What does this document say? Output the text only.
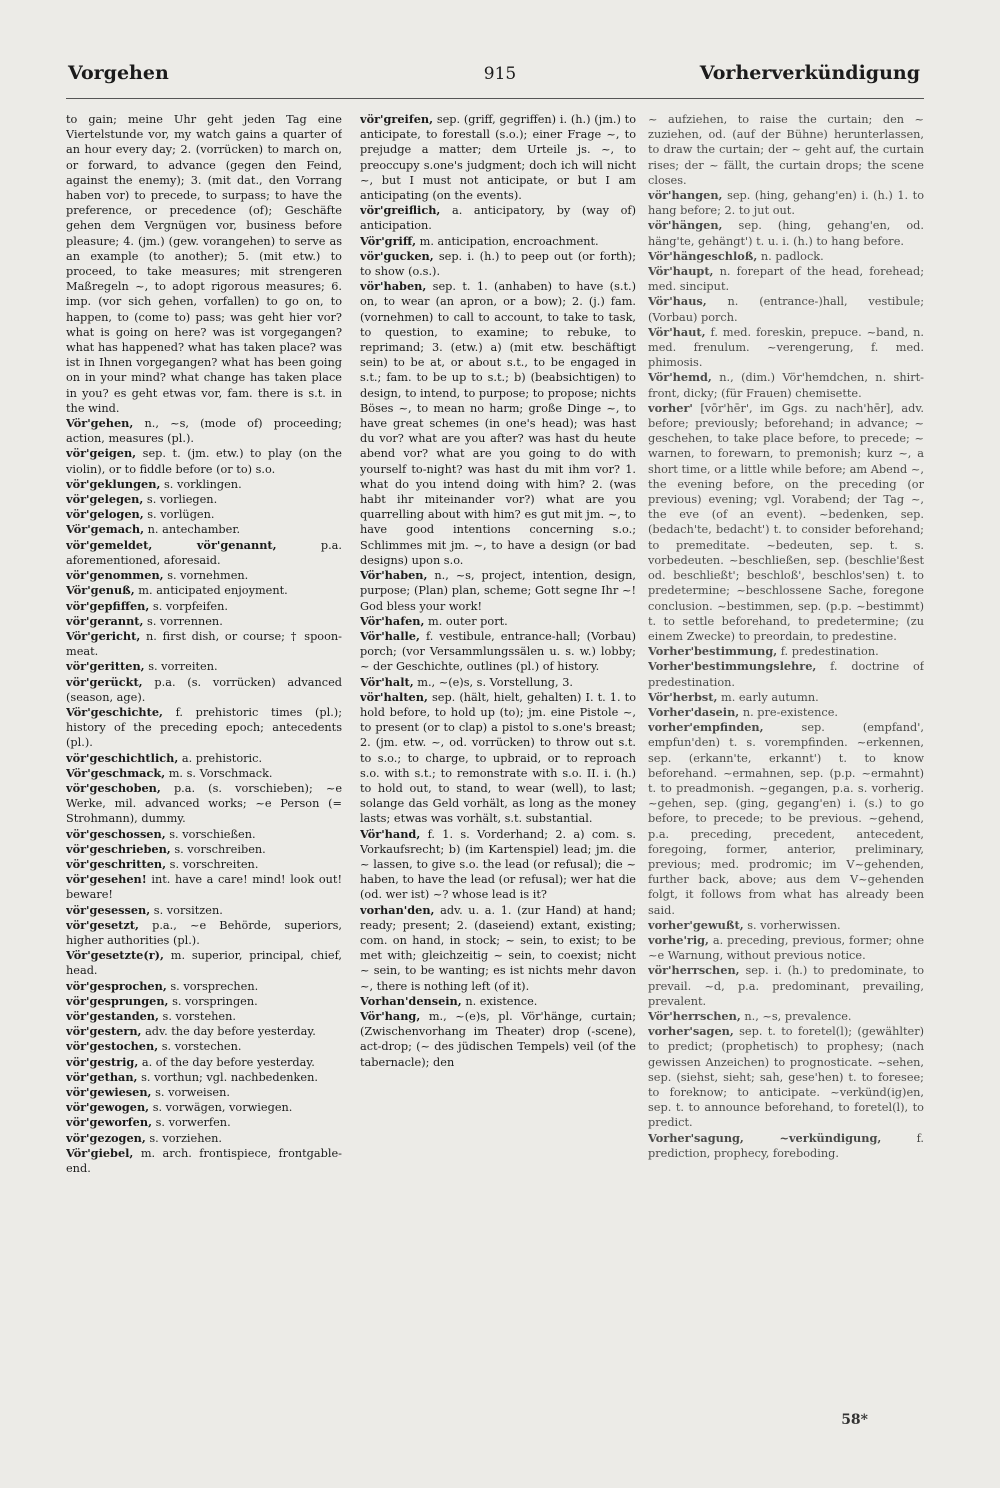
Vorgehen	915	Vorherverkündigung

to gain; meine Uhr geht jeden Tag eine Viertelstunde vor, my watch gains a quarter of an hour every day; 2. (vorrücken) to march on, or forward, to advance (gegen den Feind, against the enemy); 3. (mit dat., den Vorrang haben vor) to precede, to surpass; to have the preference, or precedence (of); Geschäfte gehen dem Vergnügen vor, business before pleasure; 4. (jm.) (gew. vorangehen) to serve as an example (to another); 5. (mit etw.) to proceed, to take measures; mit strengeren Maßregeln ~, to adopt rigorous measures; 6. imp. (vor sich gehen, vorfallen) to go on, to happen, to (come to) pass; was geht hier vor? what is going on here? was ist vorgegangen? what has happened? what has taken place? was ist in Ihnen vorgegangen? what has been going on in your mind? what change has taken place in you? es geht etwas vor, fam. there is s.t. in the wind.

Vör'gehen, n., ~s, (mode of) proceeding; action, measures (pl.).

vör'geigen, sep. t. (jm. etw.) to play (on the violin), or to fiddle before (or to) s.o.

vör'geklungen, s. vorklingen.

vör'gelegen, s. vorliegen.

vör'gelogen, s. vorlügen.

Vör'gemach, n. antechamber.

vör'gemeldet, vör'genannt,	p.a. aforementioned, aforesaid.

vör'genommen, s. vornehmen.

Vör'genuß, m. anticipated enjoyment.

vör'gepfiffen, s. vorpfeifen.

vör'gerannt, s. vorrennen.

Vör'gericht, n. first dish, or course; † spoon-meat.

vör'geritten, s. vorreiten.

vör'gerückt, p.a. (s. vorrücken) advanced (season, age).

Vör'geschichte, f. prehistoric times (pl.); history of the preceding epoch; antecedents (pl.).

vör'geschichtlich, a. prehistoric.

Vör'geschmack, m. s. Vorschmack.

vör'geschoben, p.a. (s. vorschieben); ~e Werke, mil. advanced works; ~e Person (= Strohmann), dummy.

vör'geschossen, s. vorschießen.

vör'geschrieben, s. vorschreiben.

vör'geschritten, s. vorschreiten.

vör'gesehen! int. have a care! mind! look out! beware!

vör'gesessen, s. vorsitzen.

vör'gesetzt, p.a., ~e Behörde, superiors, higher authorities (pl.).

Vör'gesetzte(r), m. superior, principal, chief, head.

vör'gesprochen, s. vorsprechen.

vör'gesprungen, s. vorspringen.

vör'gestanden, s. vorstehen.

vör'gestern, adv. the day before yesterday.

vör'gestochen, s. vorstechen.

vör'gestrig, a. of the day before yesterday.

vör'gethan, s. vorthun; vgl. nachbedenken.

vör'gewiesen, s. vorweisen.

vör'gewogen, s. vorwägen, vorwiegen.

vör'geworfen, s. vorwerfen.

vör'gezogen, s. vorziehen.

Vör'giebel, m. arch. frontispiece, frontgable-end.

vör'greifen, sep. (griff, gegriffen) i. (h.) (jm.) to anticipate, to forestall (s.o.); einer Frage ~, to prejudge a matter; dem Urteile js. ~, to preoccupy s.one's judgment; doch ich will nicht ~, but I must not anticipate, or but I am anticipating (on the events).

vör'greiflich, a. anticipatory, by (way of) anticipation.

Vör'griff, m. anticipation, encroachment.

vör'gucken, sep. i. (h.) to peep out (or forth); to show (o.s.).

vör'haben, sep. t. 1. (anhaben) to have (s.t.) on, to wear (an apron, or a bow); 2. (j.) fam. (vornehmen) to call to account, to take to task, to question, to examine; to rebuke, to reprimand; 3. (etw.) a) (mit etw. beschäftigt sein) to be at, or about s.t., to be engaged in s.t.; fam. to be up to s.t.; b) (beabsichtigen) to design, to intend, to purpose; to propose; nichts Böses ~, to mean no harm; große Dinge ~, to have great schemes (in one's head); was hast du vor? what are you after? was hast du heute abend vor? what are you going to do with yourself to-night? was hast du mit ihm vor? 1. what do you intend doing with him? 2. (was habt ihr miteinander vor?) what are you quarrelling about with him? es gut mit jm. ~, to have good intentions concerning s.o.; Schlimmes mit jm. ~, to have a design (or bad designs) upon s.o.

Vör'haben, n., ~s, project, intention, design, purpose; (Plan) plan, scheme; Gott segne Ihr ~! God bless your work!

Vör'hafen, m. outer port.

Vör'halle, f. vestibule, entrance-hall; (Vorbau) porch; (vor Versammlungssälen u. s. w.) lobby; ~ der Geschichte, outlines (pl.) of history.

Vör'halt, m., ~(e)s, s. Vorstellung, 3.

vör'halten, sep. (hält, hielt, gehalten) I. t. 1. to hold before, to hold up (to); jm. eine Pistole ~, to present (or to clap) a pistol to s.one's breast; 2. (jm. etw. ~, od. vorrücken) to throw out s.t. to s.o.; to charge, to upbraid, or to reproach s.o. with s.t.; to remonstrate with s.o. II. i. (h.) to hold out, to stand, to wear (well), to last; solange das Geld vorhält, as long as the money lasts; etwas was vorhält, s.t. substantial.

Vör'hand, f. 1. s. Vorderhand; 2. a) com. s. Vorkaufsrecht; b) (im Kartenspiel) lead; jm. die ~ lassen, to give s.o. the lead (or refusal); die ~ haben, to have the lead (or refusal); wer hat die (od. wer ist) ~? whose lead is it?

vorhan'den, adv. u. a. 1. (zur Hand) at hand; ready; present; 2. (daseiend) extant, existing; com. on hand, in stock; ~ sein, to exist; to be met with; gleichzeitig ~ sein, to coexist; nicht ~ sein, to be wanting; es ist nichts mehr davon ~, there is nothing left (of it).

Vorhan'densein, n. existence.

Vör'hang, m., ~(e)s, pl. Vör'hänge, curtain; (Zwischenvorhang im Theater) drop (-scene), act-drop; (~ des jüdischen Tempels) veil (of the tabernacle); den

~ aufziehen, to raise the curtain; den ~ zuziehen, od. (auf der Bühne) herunterlassen, to draw the curtain; der ~ geht auf, the curtain rises; der ~ fällt, the curtain drops; the scene closes.

vör'hangen, sep. (hing, gehang'en) i. (h.) 1. to hang before; 2. to jut out.

vör'hängen, sep. (hing, gehang'en, od. häng'te, gehängt') t. u. i. (h.) to hang before.

Vör'hängeschloß, n. padlock.

Vör'haupt, n. forepart of the head, forehead; med. sinciput.

Vör'haus, n. (entrance-)hall, vestibule; (Vorbau) porch.

Vör'haut, f. med. foreskin, prepuce. ~band, n. med. frenulum. ~verengerung, f. med. phimosis.

Vör'hemd, n., (dim.) Vör'hemdchen, n. shirt-front, dicky; (für Frauen) chemisette.

vorher' [vōr'hēr', im Ggs. zu nach'hēr], adv. before; previously; beforehand; in advance; ~ geschehen, to take place before, to precede; ~ warnen, to forewarn, to premonish; kurz ~, a short time, or a little while before; am Abend ~, the evening before, on the preceding (or previous) evening; vgl. Vorabend; der Tag ~, the eve (of an event). ~bedenken, sep. (bedach'te, bedacht') t. to consider beforehand; to premeditate. ~bedeuten, sep. t. s. vorbedeuten. ~beschließen, sep. (beschlie'ßest od. beschließt'; beschloß', beschlos'sen) t. to predetermine; ~beschlossene Sache, foregone conclusion. ~bestimmen, sep. (p.p. ~bestimmt) t. to settle beforehand, to predetermine; (zu einem Zwecke) to preordain, to predestine.

Vorher'bestimmung, f. predestination.

Vorher'bestimmungslehre, f. doctrine of predestination.

Vör'herbst, m. early autumn.

Vorher'dasein, n. pre-existence.

vorher'empfinden,	sep. (empfand', empfun'den) t. s. vorempfinden. ~erkennen, sep. (erkann'te, erkannt') t. to know beforehand. ~ermahnen, sep. (p.p. ~ermahnt) t. to preadmonish. ~gegangen, p.a. s. vorherig. ~gehen, sep. (ging, gegang'en) i. (s.) to go before, to precede; to be previous. ~gehend, p.a. preceding, precedent, antecedent, foregoing, former, anterior, preliminary, previous; med. prodromic; im V~gehenden, further back, above; aus dem V~gehenden folgt, it follows from what has already been said.

vorher'gewußt, s. vorherwissen.

vorhe'rig, a. preceding, previous, former; ohne ~e Warnung, without previous notice.

vör'herrschen, sep. i. (h.) to predominate, to prevail. ~d, p.a. predominant, prevailing, prevalent.

Vör'herrschen, n., ~s, prevalence.

vorher'sagen, sep. t. to foretel(l); (gewählter) to predict; (prophetisch) to prophesy; (nach gewissen Anzeichen) to prognosticate. ~sehen, sep. (siehst, sieht; sah, gese'hen) t. to foresee; to foreknow; to anticipate. ~verkünd(ig)en, sep. t. to announce beforehand, to foretel(l), to predict.

Vorher'sagung, ~verkündigung,	f. prediction, prophecy, foreboding.

58*
